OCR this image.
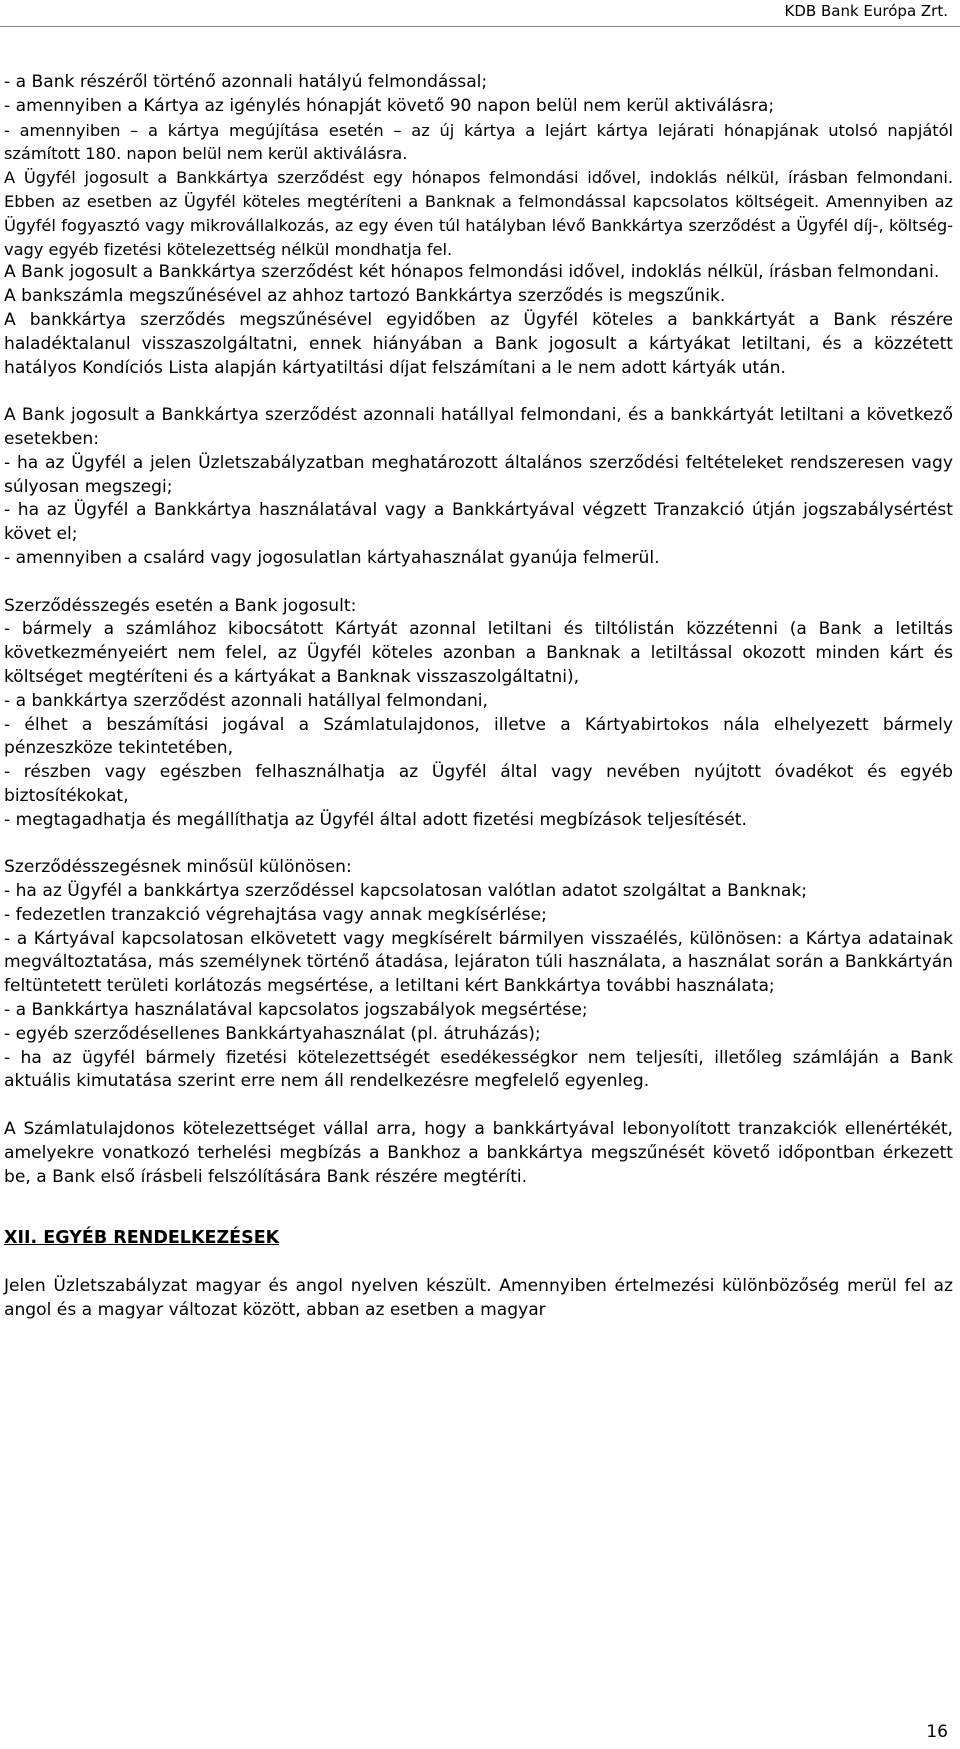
KDB Bank Európa Zrt.

- a Bank részéről történő azonnali hatályú felmondással;

- amennyiben a Kártya az igénylés hónapját követő 90 napon belül nem kerül aktiválásra;

- amennyiben – a kártya megújítása esetén – az új kártya a lejárt kártya lejárati hónapjának utolsó napjától számított 180. napon belül nem kerül aktiválásra.

A Ügyfél jogosult a Bankkártya szerződést egy hónapos felmondási idővel, indoklás nélkül, írásban felmondani. Ebben az esetben az Ügyfél köteles megtéríteni a Banknak a felmondással kapcsolatos költségeit. Amennyiben az Ügyfél fogyasztó vagy mikrovállalkozás, az egy éven túl hatályban lévő Bankkártya szerződést a Ügyfél díj-, költség- vagy egyéb fizetési kötelezettség nélkül mondhatja fel.

A Bank jogosult a Bankkártya szerződést két hónapos felmondási idővel, indoklás nélkül, írásban felmondani.

A bankszámla megszűnésével az ahhoz tartozó Bankkártya szerződés is megszűnik.

A bankkártya szerződés megszűnésével egyidőben az Ügyfél köteles a bankkártyát a Bank részére haladéktalanul visszaszolgáltatni, ennek hiányában a Bank jogosult a kártyákat letiltani, és a közzétett hatályos Kondíciós Lista alapján kártyatiltási díjat felszámítani a le nem adott kártyák után.

A Bank jogosult a Bankkártya szerződést azonnali hatállyal felmondani, és a bankkártyát letiltani a következő esetekben:

- ha az Ügyfél a jelen Üzletszabályzatban meghatározott általános szerződési feltételeket rendszeresen vagy súlyosan megszegi;

- ha az Ügyfél a Bankkártya használatával vagy a Bankkártyával végzett Tranzakció útján jogszabálysértést követ el;

- amennyiben a csalárd vagy jogosulatlan kártyahasználat gyanúja felmerül.

Szerződésszegés esetén a Bank jogosult:

- bármely a számlához kibocsátott Kártyát azonnal letiltani és tiltólistán közzétenni (a Bank a letiltás következményeiért nem felel, az Ügyfél köteles azonban a Banknak a letiltással okozott minden kárt és költséget megtéríteni és a kártyákat a Banknak visszaszolgáltatni),

- a bankkártya szerződést azonnali hatállyal felmondani,

- élhet a beszámítási jogával a Számlatulajdonos, illetve a Kártyabirtokos nála elhelyezett bármely pénzeszköze tekintetében,

- részben vagy egészben felhasználhatja az Ügyfél által vagy nevében nyújtott óvadékot és egyéb biztosítékokat,

- megtagadhatja és megállíthatja az Ügyfél által adott fizetési megbízások teljesítését.

Szerződésszegésnek minősül különösen:

- ha az Ügyfél a bankkártya szerződéssel kapcsolatosan valótlan adatot szolgáltat a Banknak;

- fedezetlen tranzakció végrehajtása vagy annak megkísérlése;

- a Kártyával kapcsolatosan elkövetett vagy megkísérelt bármilyen visszaélés, különösen: a Kártya adatainak megváltoztatása, más személynek történő átadása, lejáraton túli használata, a használat során a Bankkártyán feltüntetett területi korlátozás megsértése, a letiltani kért Bankkártya további használata;

- a Bankkártya használatával kapcsolatos jogszabályok megsértése;

- egyéb szerződésellenes Bankkártyahasználat (pl. átruházás);

- ha az ügyfél bármely fizetési kötelezettségét esedékességkor nem teljesíti, illetőleg számláján a Bank aktuális kimutatása szerint erre nem áll rendelkezésre megfelelő egyenleg.

A Számlatulajdonos kötelezettséget vállal arra, hogy a bankkártyával lebonyolított tranzakciók ellenértékét, amelyekre vonatkozó terhelési megbízás a Bankhoz a bankkártya megszűnését követő időpontban érkezett be, a Bank első írásbeli felszólítására Bank részére megtéríti.

XII. EGYÉB RENDELKEZÉSEK

Jelen Üzletszabályzat magyar és angol nyelven készült. Amennyiben értelmezési különbözőség merül fel az angol és a magyar változat között, abban az esetben a magyar

16
